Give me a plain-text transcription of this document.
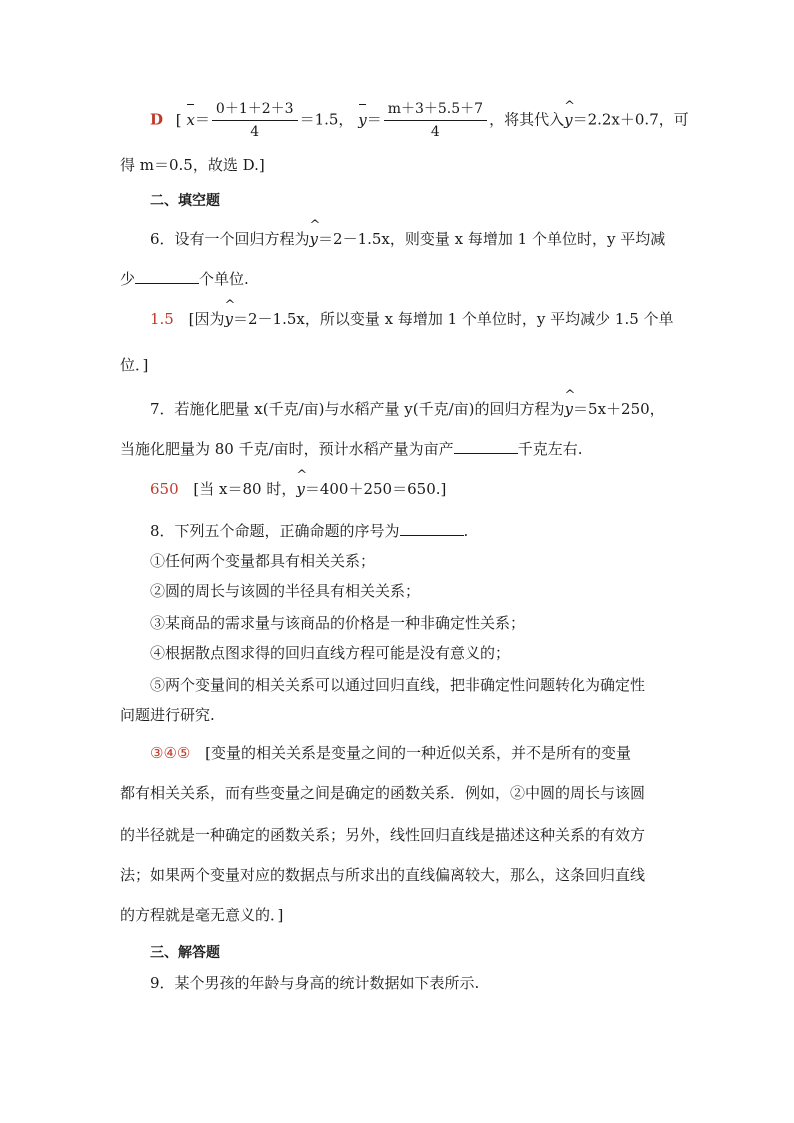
D [ $x= \frac{0+1+2+3}{4} =1.5$， $y= \frac{m+3+5.5+7}{4}$ ，将其代入^ y＝2.2x＋0.7，可
得 m＝0.5，故选 D.]
二、填空题
6．设有一个回归方程为^ y＝2－1.5x，则变量 x 每增加 1 个单位时，y 平均减
少	个单位.
1.5 [因为^ y＝2－1.5x，所以变量 x 每增加 1 个单位时，y 平均减少 1.5 个单
位．]
7．若施化肥量 x(千克/亩)与水稻产量 y(千克/亩)的回归方程为^ y＝5x＋250，
当施化肥量为 80 千克/亩时，预计水稻产量为亩产	千克左右.
650 [当 x＝80 时，^ y＝400＋250＝650.]
8．下列五个命题，正确命题的序号为	.
①任何两个变量都具有相关关系；
②圆的周长与该圆的半径具有相关关系；
③某商品的需求量与该商品的价格是一种非确定性关系；
④根据散点图求得的回归直线方程可能是没有意义的；
⑤两个变量间的相关关系可以通过回归直线，把非确定性问题转化为确定性
问题进行研究.
③④⑤ [变量的相关关系是变量之间的一种近似关系，并不是所有的变量
都有相关关系，而有些变量之间是确定的函数关系．例如，②中圆的周长与该圆
的半径就是一种确定的函数关系；另外，线性回归直线是描述这种关系的有效方
法；如果两个变量对应的数据点与所求出的直线偏离较大，那么，这条回归直线
的方程就是毫无意义的．]
三、解答题
9．某个男孩的年龄与身高的统计数据如下表所示.
